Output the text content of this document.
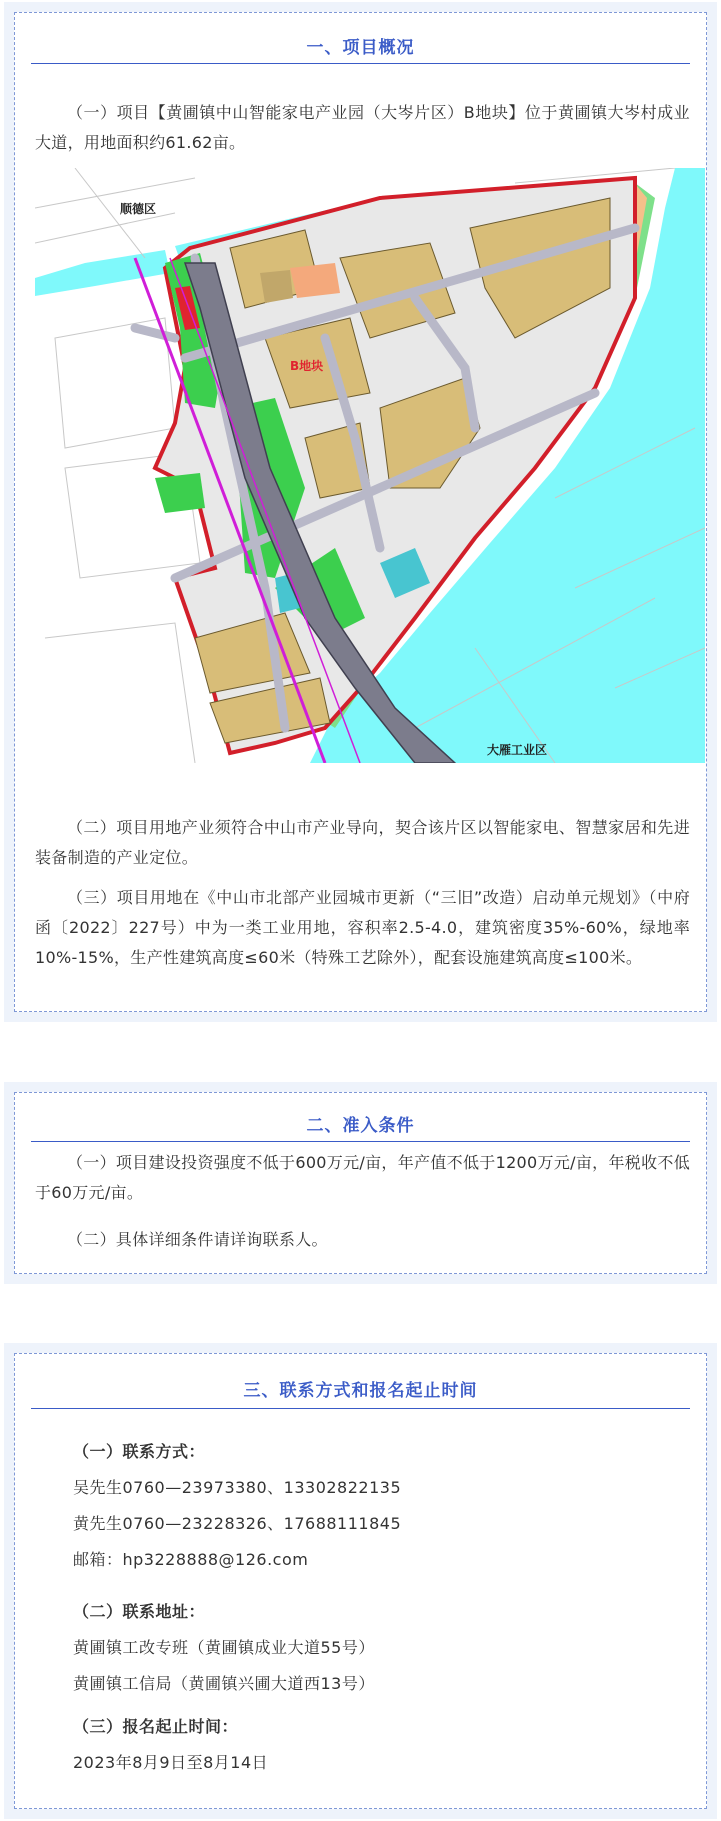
一、项目概况
（一）项目【黄圃镇中山智能家电产业园（大岑片区）B地块】位于黄圃镇大岑村成业大道，用地面积约61.62亩。
顺德区
B地块
大雁工业区
（二）项目用地产业须符合中山市产业导向，契合该片区以智能家电、智慧家居和先进装备制造的产业定位。
（三）项目用地在《中山市北部产业园城市更新（“三旧”改造）启动单元规划》（中府函〔2022〕227号）中为一类工业用地，容积率2.5-4.0，建筑密度35%-60%，绿地率10%-15%，生产性建筑高度≤60米（特殊工艺除外），配套设施建筑高度≤100米。
二、准入条件
（一）项目建设投资强度不低于600万元/亩，年产值不低于1200万元/亩，年税收不低于60万元/亩。
（二）具体详细条件请详询联系人。
三、联系方式和报名起止时间
（一）联系方式：
吴先生0760—23973380、13302822135
黄先生0760—23228326、17688111845
邮箱：hp3228888@126.com
（二）联系地址：
黄圃镇工改专班（黄圃镇成业大道55号）
黄圃镇工信局（黄圃镇兴圃大道西13号）
（三）报名起止时间：
2023年8月9日至8月14日
